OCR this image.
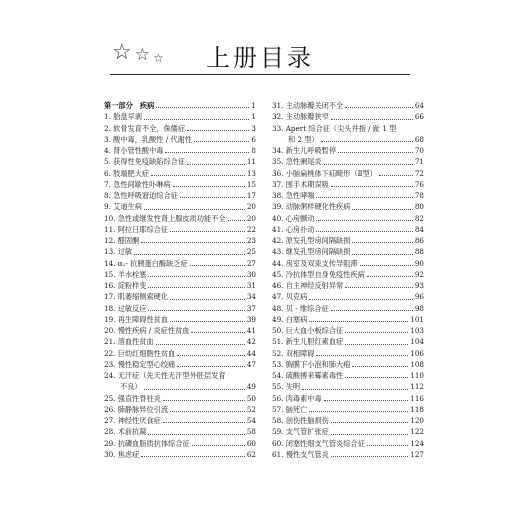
☆ ☆ ☆	上册目录
第一部分　疾病	1
1. 胎盘早剥	1
2. 软骨发育不全，侏儒症	3
3. 酸中毒，乳酸性 / 代谢性	6
4. 肾小管性酸中毒	8
5. 获得性免疫缺陷综合征	11
6. 肢端肥大症	13
7. 急性间歇性卟啉病	15
8. 急性呼吸窘迫综合征	17
9. 艾迪生病	20
10. 急性或继发性肾上腺皮质功能不全	20
11. 阿拉日耶综合征	22
12. 醛固酮	23
13. 过敏	25
14. α₁- 抗胰蛋白酶缺乏症	27
15. 羊水栓塞	30
16. 淀粉样变	31
17. 肌萎缩侧索硬化	34
18. 过敏反应	37
19. 再生障碍性贫血	39
20. 慢性疾病 / 炎症性贫血	41
21. 溶血性贫血	42
22. 巨幼红细胞性贫血	44
23. 慢性稳定型心绞痛	47
24. 无汗症（先天性无汗型外胚层发育
不良）	49
25. 强直性脊柱炎	50
26. 肺静脉异位引流	52
27. 神经性厌食症	54
28. 术前抗凝	58
29. 抗磷血脂质抗体综合征	60
30. 焦虑症	62
31. 主动脉瓣关闭不全	64
32. 主动脉瓣狭窄	66
33. Apert 综合征（尖头并指 / 趾 1 型
和 2 型）	68
34. 新生儿呼吸暂停	70
35. 急性阑尾炎	71
36. 小脑扁桃体下疝畸形（Ⅱ型）	72
37. 围手术期误吸	76
38. 急性哮喘	78
39. 动脉粥样硬化性疾病	80
40. 心房颤动	82
41. 心房扑动	84
42. 原发孔型房间隔缺损	86
43. 继发孔型房间隔缺损	88
44. 房室及双束支传导阻滞	90
45. 冷抗体型自身免疫性疾病	92
46. 自主神经反射异常	93
47. 贝克病	96
48. 贝 - 维综合征	98
49. 白塞病	101
50. 巨大血小板综合征	103
51. 新生儿胆红素血症	104
52. 双相障碍	106
53. 胸膜下小泡和肺大疱	108
54. 硫酸搏来霉素毒性	110
55. 失明	112
56. 肉毒素中毒	116
57. 脑死亡	118
58. 创伤性脑损伤	120
59. 支气管扩张症	122
60. 闭塞性细支气管炎综合征	124
61. 慢性支气管炎	127
